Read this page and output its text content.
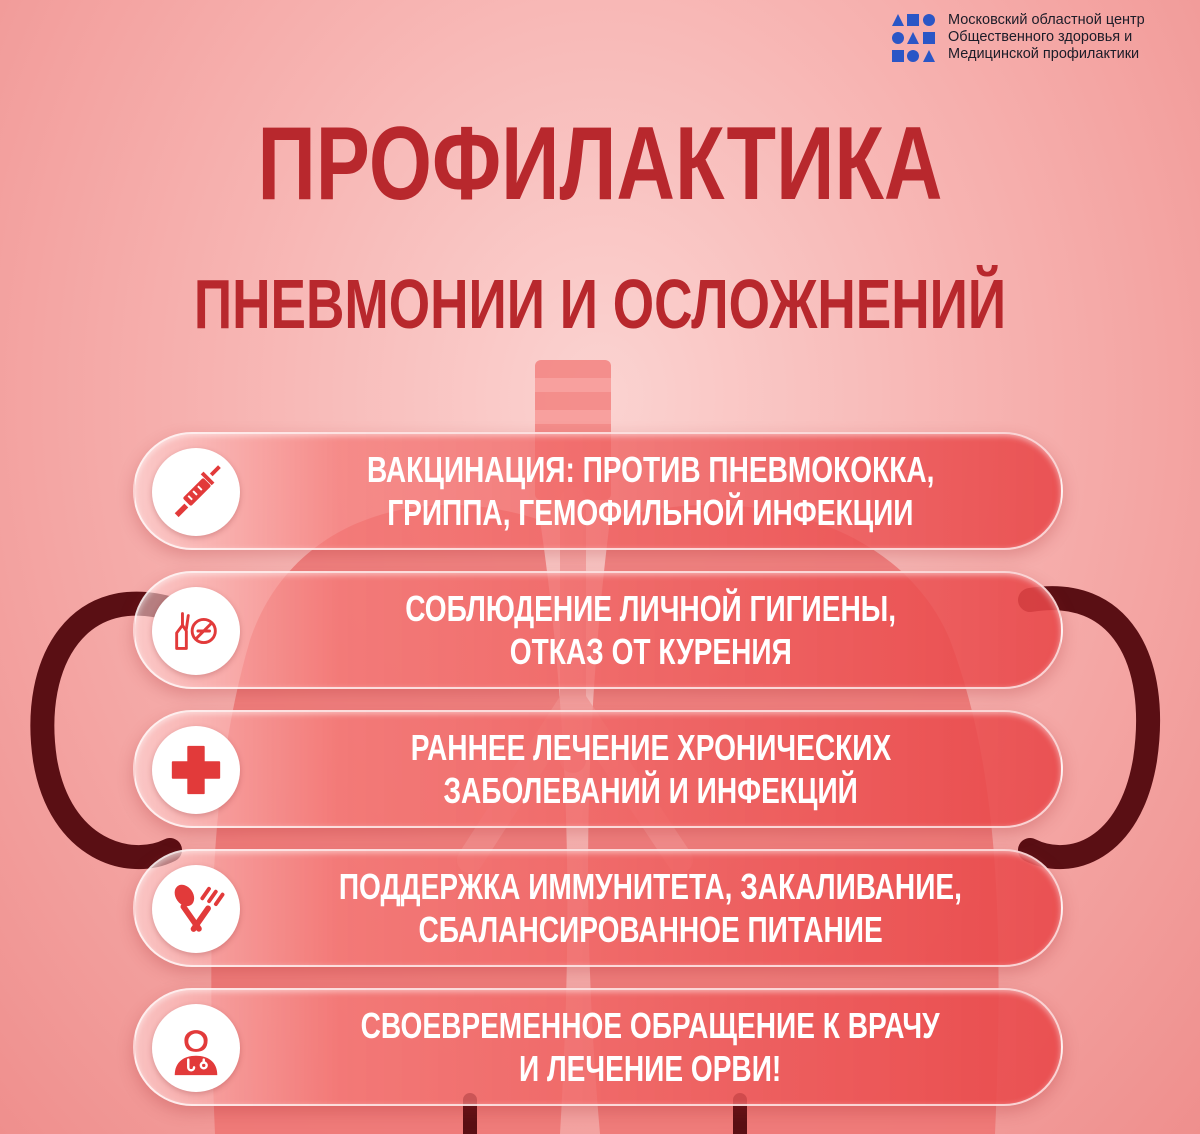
Московский областной центр
Общественного здоровья и
Медицинской профилактики
ПРОФИЛАКТИКА
ПНЕВМОНИИ И ОСЛОЖНЕНИЙ
ВАКЦИНАЦИЯ: ПРОТИВ ПНЕВМОКОККА,
ГРИППА, ГЕМОФИЛЬНОЙ ИНФЕКЦИИ
СОБЛЮДЕНИЕ ЛИЧНОЙ ГИГИЕНЫ,
ОТКАЗ ОТ КУРЕНИЯ
РАННЕЕ ЛЕЧЕНИЕ ХРОНИЧЕСКИХ
ЗАБОЛЕВАНИЙ И ИНФЕКЦИЙ
ПОДДЕРЖКА ИММУНИТЕТА, ЗАКАЛИВАНИЕ,
СБАЛАНСИРОВАННОЕ ПИТАНИЕ
СВОЕВРЕМЕННОЕ ОБРАЩЕНИЕ К ВРАЧУ
И ЛЕЧЕНИЕ ОРВИ!
